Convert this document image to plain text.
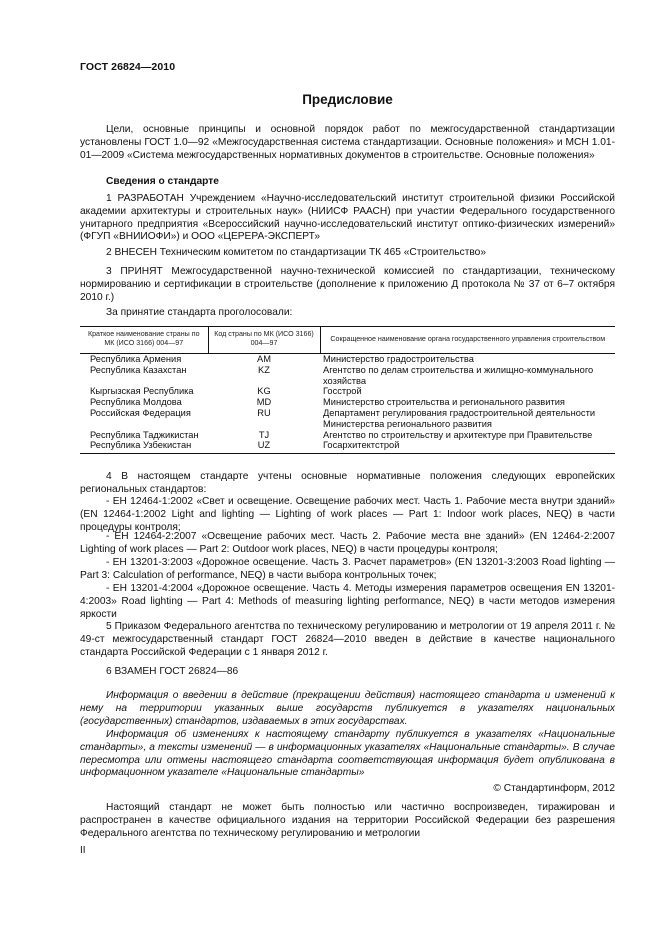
ГОСТ 26824—2010
Предисловие
Цели, основные принципы и основной порядок работ по межгосударственной стандартизации установлены ГОСТ 1.0—92 «Межгосударственная система стандартизации. Основные положения» и МСН 1.01-01—2009 «Система межгосударственных нормативных документов в строительстве. Основные положения»
Сведения о стандарте
1 РАЗРАБОТАН Учреждением «Научно-исследовательский институт строительной физики Российской академии архитектуры и строительных наук» (НИИСФ РААСН) при участии Федерального государственного унитарного предприятия «Всероссийский научно-исследовательский институт оптико-физических измерений» (ФГУП «ВНИИОФИ») и ООО «ЦЕРЕРА-ЭКСПЕРТ»
2 ВНЕСЕН Техническим комитетом по стандартизации ТК 465 «Строительство»
3 ПРИНЯТ Межгосударственной научно-технической комиссией по стандартизации, техническому нормированию и сертификации в строительстве (дополнение к приложению Д протокола № 37 от 6–7 октября 2010 г.)
За принятие стандарта проголосовали:
Краткое наименование страны по МК (ИСО 3166) 004—97	Код страны по МК (ИСО 3166) 004—97	Сокращенное наименование органа государственного управления строительством
Республика Армения	AM	Министерство градостроительства
Республика Казахстан	KZ	Агентство по делам строительства и жилищно-коммунального хозяйства
Кыргызская Республика	KG	Госстрой
Республика Молдова	MD	Министерство строительства и регионального развития
Российская Федерация	RU	Департамент регулирования градостроительной деятельности Министерства регионального развития
Республика Таджикистан	TJ	Агентство по строительству и архитектуре при Правительстве
Республика Узбекистан	UZ	Госархитектстрой
4 В настоящем стандарте учтены основные нормативные положения следующих европейских региональных стандартов:
- ЕН 12464-1:2002 «Свет и освещение. Освещение рабочих мест. Часть 1. Рабочие места внутри зданий» (EN 12464-1:2002 Light and lighting — Lighting of work places — Part 1: Indoor work places, NEQ) в части процедуры контроля;
- ЕН 12464-2:2007 «Освещение рабочих мест. Часть 2. Рабочие места вне зданий» (EN 12464-2:2007 Lighting of work places — Part 2: Outdoor work places, NEQ) в части процедуры контроля;
- ЕН 13201-3:2003 «Дорожное освещение. Часть 3. Расчет параметров» (EN 13201-3:2003 Road lighting — Part 3: Calculation of performance, NEQ) в части выбора контрольных точек;
- ЕН 13201-4:2004 «Дорожное освещение. Часть 4. Методы измерения параметров освещения EN 13201-4:2003» Road lighting — Part 4: Methods of measuring lighting performance, NEQ) в части методов измерения яркости
5 Приказом Федерального агентства по техническому регулированию и метрологии от 19 апреля 2011 г. № 49-ст межгосударственный стандарт ГОСТ 26824—2010 введен в действие в качестве национального стандарта Российской Федерации с 1 января 2012 г.
6 ВЗАМЕН ГОСТ 26824—86
Информация о введении в действие (прекращении действия) настоящего стандарта и изменений к нему на территории указанных выше государств публикуется в указателях национальных (государственных) стандартов, издаваемых в этих государствах.
Информация об изменениях к настоящему стандарту публикуется в указателях «Национальные стандарты», а тексты изменений — в информационных указателях «Национальные стандарты». В случае пересмотра или отмены настоящего стандарта соответствующая информация будет опубликована в информационном указателе «Национальные стандарты»
© Стандартинформ, 2012
Настоящий стандарт не может быть полностью или частично воспроизведен, тиражирован и распространен в качестве официального издания на территории Российской Федерации без разрешения Федерального агентства по техническому регулированию и метрологии
II
